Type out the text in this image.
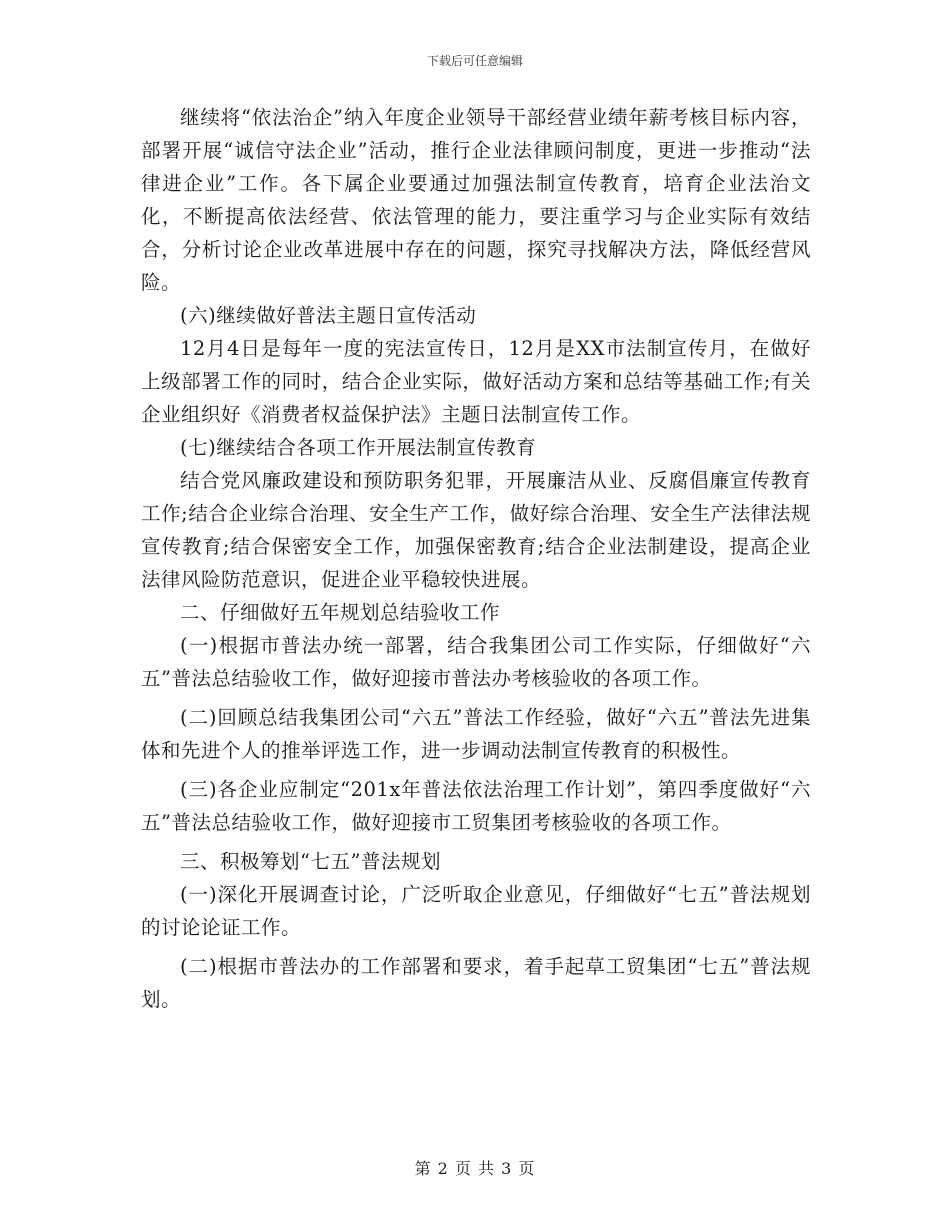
下载后可任意编辑

继续将“依法治企”纳入年度企业领导干部经营业绩年薪考核目标内容，部署开展“诚信守法企业”活动，推行企业法律顾问制度，更进一步推动“法律进企业”工作。各下属企业要通过加强法制宣传教育，培育企业法治文化，不断提高依法经营、依法管理的能力，要注重学习与企业实际有效结合，分析讨论企业改革进展中存在的问题，探究寻找解决方法，降低经营风险。

(六)继续做好普法主题日宣传活动

12月4日是每年一度的宪法宣传日，12月是XX市法制宣传月，在做好上级部署工作的同时，结合企业实际，做好活动方案和总结等基础工作;有关企业组织好《消费者权益保护法》主题日法制宣传工作。

(七)继续结合各项工作开展法制宣传教育

结合党风廉政建设和预防职务犯罪，开展廉洁从业、反腐倡廉宣传教育工作;结合企业综合治理、安全生产工作，做好综合治理、安全生产法律法规宣传教育;结合保密安全工作，加强保密教育;结合企业法制建设，提高企业法律风险防范意识，促进企业平稳较快进展。

二、仔细做好五年规划总结验收工作

(一)根据市普法办统一部署，结合我集团公司工作实际，仔细做好“六五”普法总结验收工作，做好迎接市普法办考核验收的各项工作。

(二)回顾总结我集团公司“六五”普法工作经验，做好“六五”普法先进集体和先进个人的推举评选工作，进一步调动法制宣传教育的积极性。

(三)各企业应制定“201x年普法依法治理工作计划”，第四季度做好“六五”普法总结验收工作，做好迎接市工贸集团考核验收的各项工作。

三、积极筹划“七五”普法规划

(一)深化开展调查讨论，广泛听取企业意见，仔细做好“七五”普法规划的讨论论证工作。

(二)根据市普法办的工作部署和要求，着手起草工贸集团“七五”普法规划。

第 2 页 共 3 页
